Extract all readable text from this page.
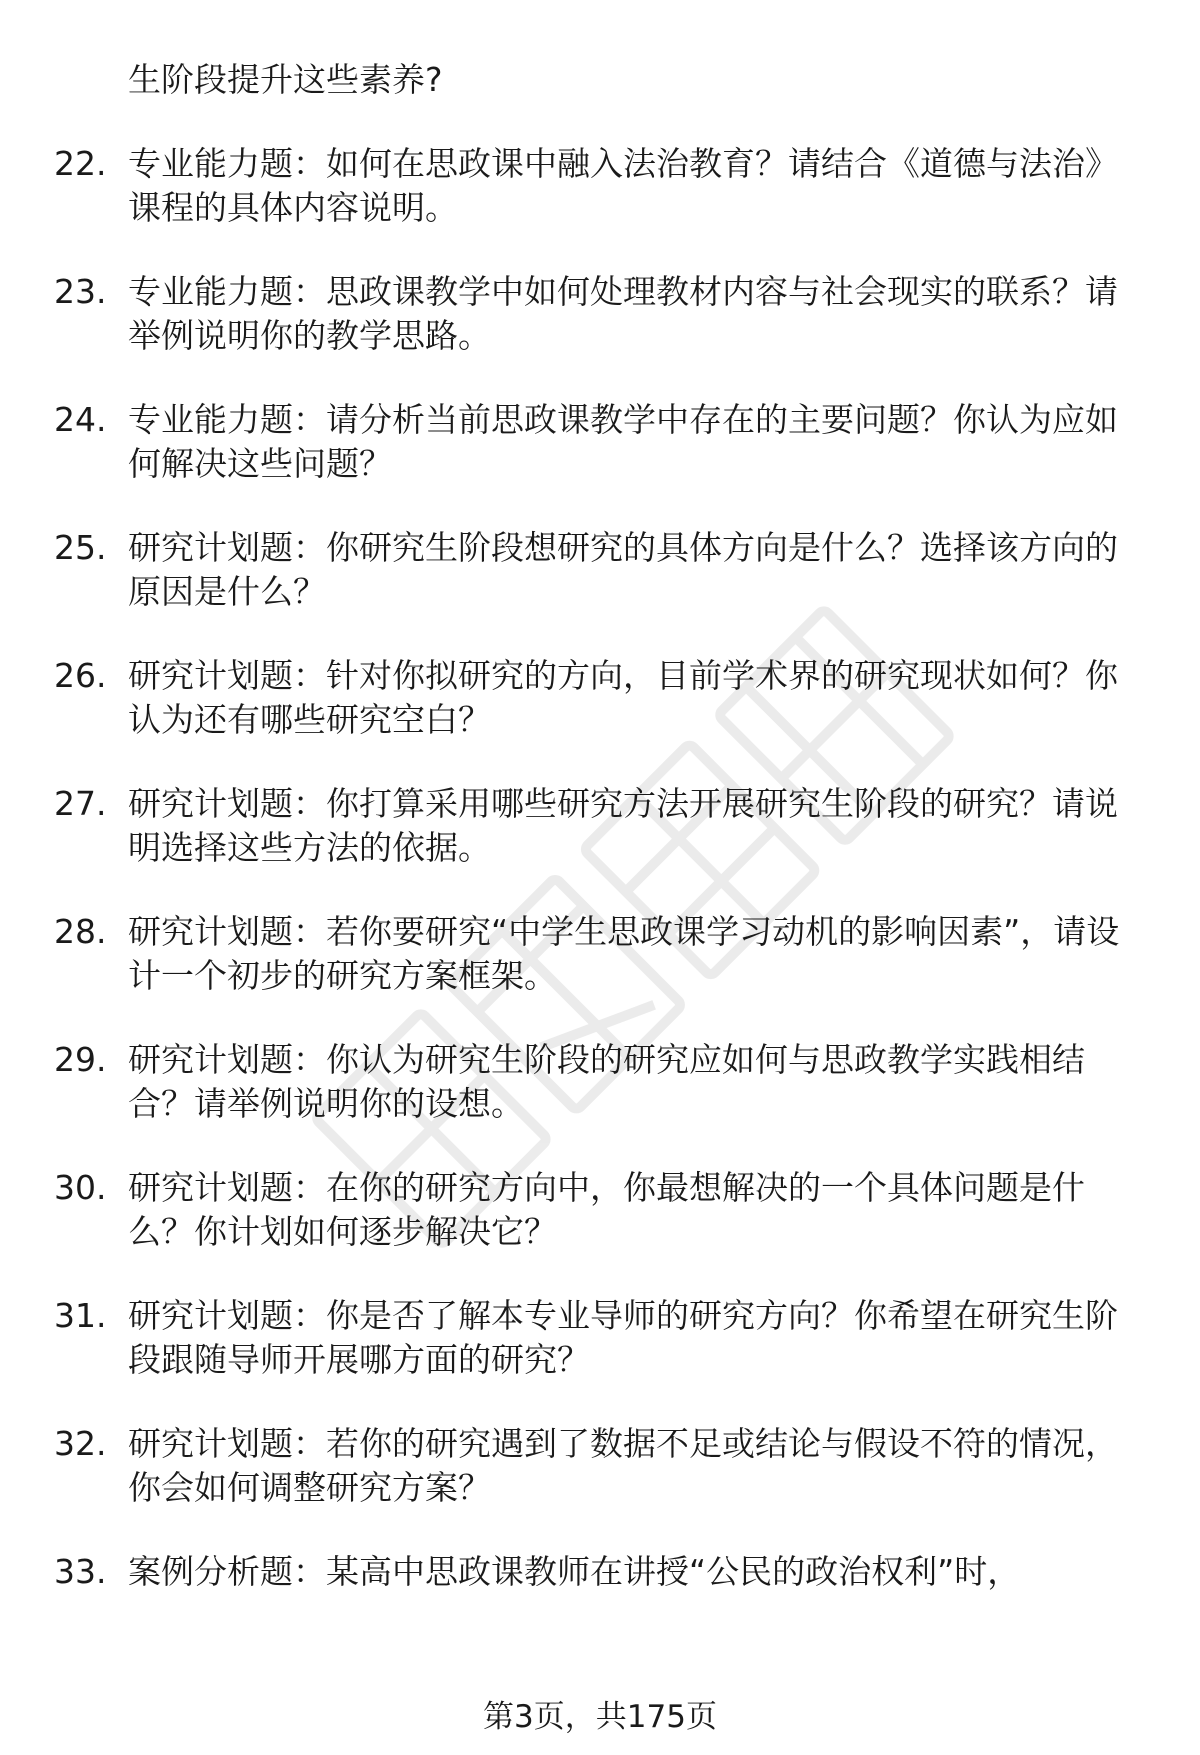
生阶段提升这些素养?
22. 专业能力题：如何在思政课中融入法治教育？请结合《道德与法治》课程的具体内容说明。
23. 专业能力题：思政课教学中如何处理教材内容与社会现实的联系？请举例说明你的教学思路。
24. 专业能力题：请分析当前思政课教学中存在的主要问题？你认为应如何解决这些问题？
25. 研究计划题：你研究生阶段想研究的具体方向是什么？选择该方向的原因是什么？
26. 研究计划题：针对你拟研究的方向，目前学术界的研究现状如何？你认为还有哪些研究空白？
27. 研究计划题：你打算采用哪些研究方法开展研究生阶段的研究？请说明选择这些方法的依据。
28. 研究计划题：若你要研究“中学生思政课学习动机的影响因素”，请设计一个初步的研究方案框架。
29. 研究计划题：你认为研究生阶段的研究应如何与思政教学实践相结合？请举例说明你的设想。
30. 研究计划题：在你的研究方向中，你最想解决的一个具体问题是什么？你计划如何逐步解决它？
31. 研究计划题：你是否了解本专业导师的研究方向？你希望在研究生阶段跟随导师开展哪方面的研究？
32. 研究计划题：若你的研究遇到了数据不足或结论与假设不符的情况，你会如何调整研究方案？
33. 案例分析题：某高中思政课教师在讲授“公民的政治权利”时，
第3页，共175页
